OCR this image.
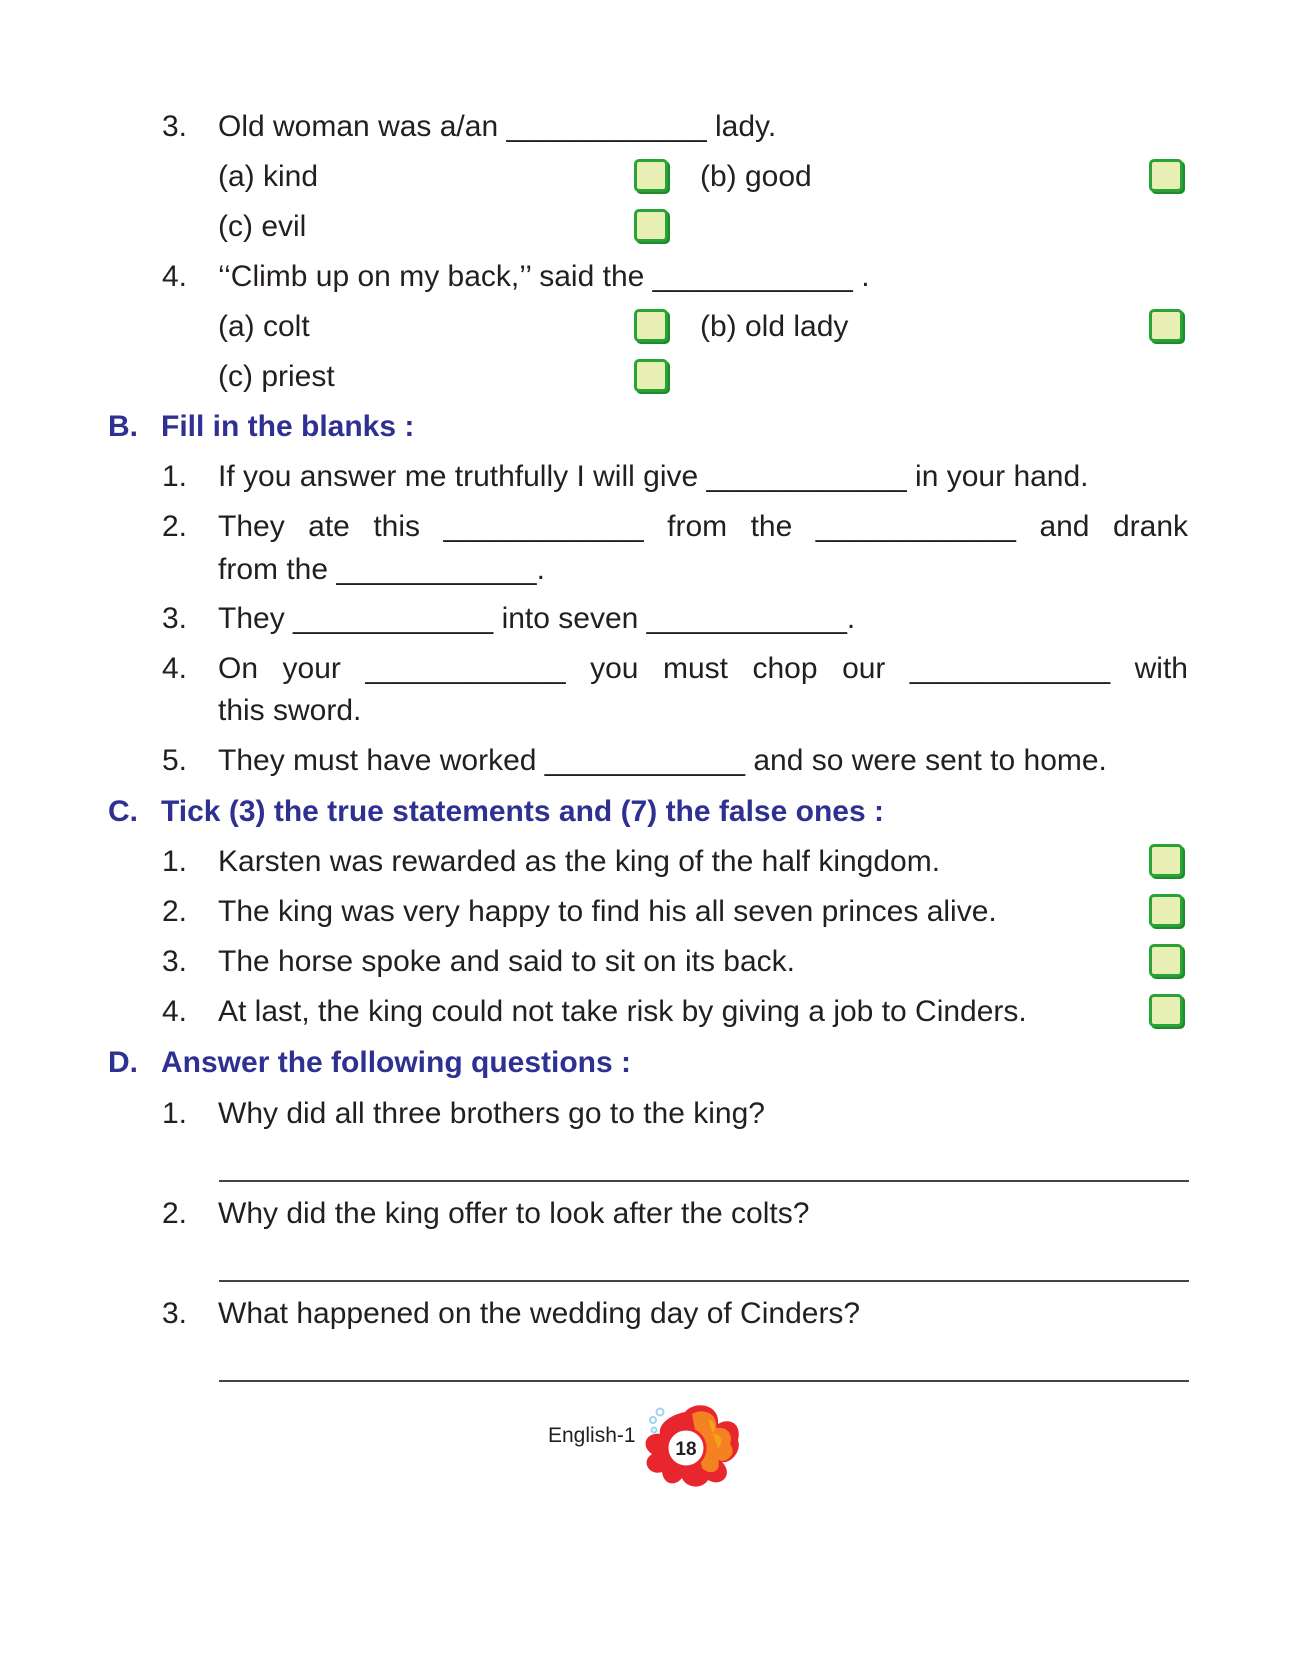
3. Old woman was a/an ____________ lady.
(a) kind	(b) good
(c) evil
4. ‘‘Climb up on my back,’’ said the ____________ .
(a) colt	(b) old lady
(c) priest
B. Fill in the blanks :
1. If you answer me truthfully I will give ____________ in your hand.
2. They ate this ____________ from the ____________ and drank
from the ____________.
3. They ____________ into seven ____________.
4. On your ____________ you must chop our ____________ with
this sword.
5. They must have worked ____________ and so were sent to home.
C. Tick (3) the true statements and (7) the false ones :
1. Karsten was rewarded as the king of the half kingdom.
2. The king was very happy to find his all seven princes alive.
3. The horse spoke and said to sit on its back.
4. At last, the king could not take risk by giving a job to Cinders.
D. Answer the following questions :
1. Why did all three brothers go to the king?
2. Why did the king offer to look after the colts?
3. What happened on the wedding day of Cinders?
English-1
18
